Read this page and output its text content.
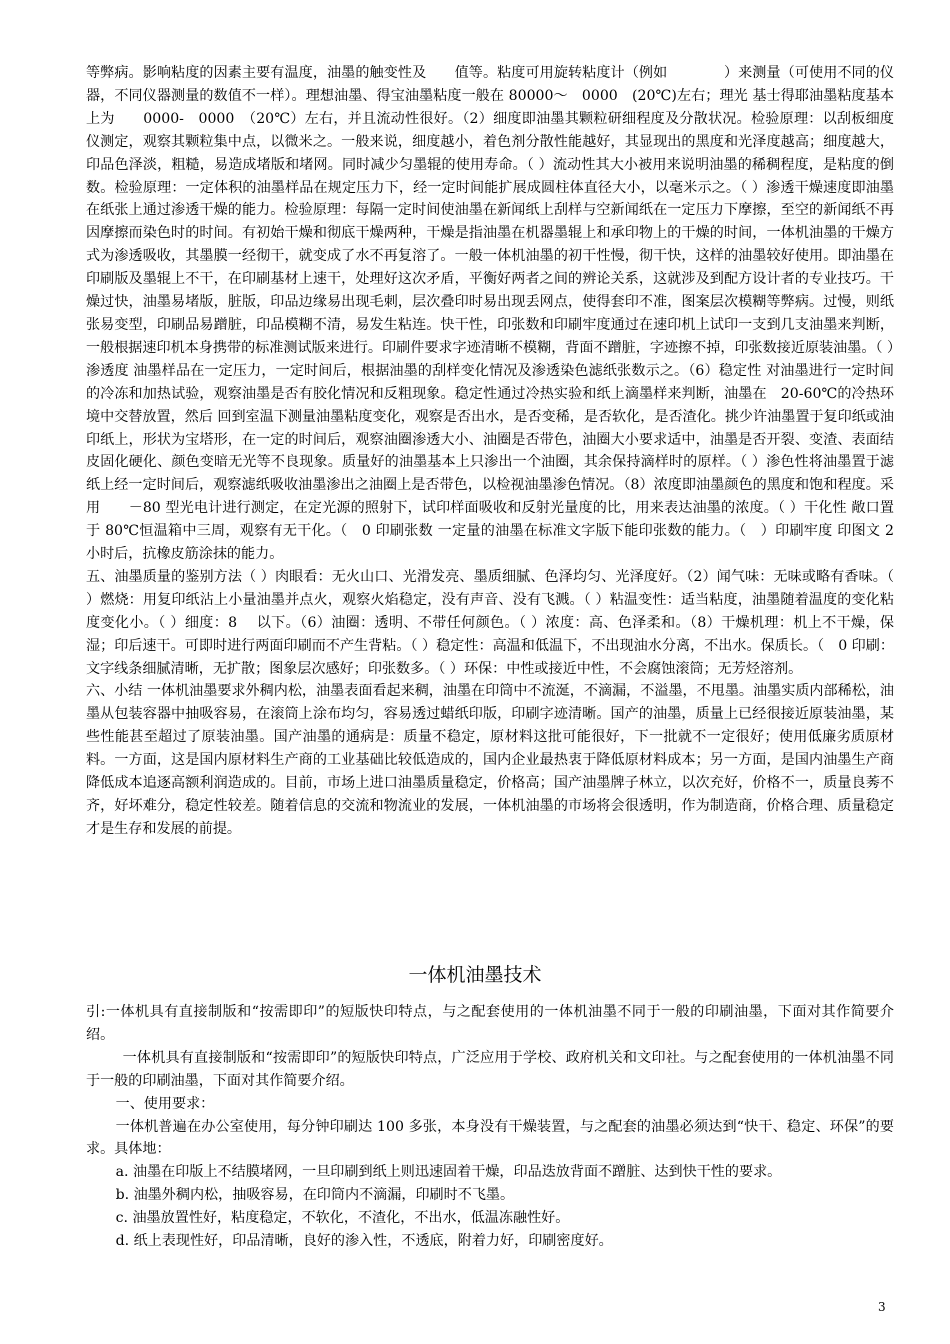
等弊病。影响粘度的因素主要有温度，油墨的触变性及　　值等。粘度可用旋转粘度计（例如　　　　）来测量（可使用不同的仪器，不同仪器测量的数值不一样）。理想油墨、得宝油墨粘度一般在 80000～　0000　(20℃)左右；理光 基士得耶油墨粘度基本上为　　0000-　0000　（20℃）左右，并且流动性很好。（2）细度即油墨其颗粒研细程度及分散状况。检验原理：以刮板细度仪测定，观察其颗粒集中点，以微米之。一般来说，细度越小，着色剂分散性能越好，其显现出的黑度和光泽度越高；细度越大，印品色泽淡，粗糙，易造成堵版和堵网。同时减少匀墨辊的使用寿命。（ ）流动性其大小被用来说明油墨的稀稠程度，是粘度的倒数。检验原理：一定体积的油墨样品在规定压力下，经一定时间能扩展成圆柱体直径大小，以毫米示之。（ ）渗透干燥速度即油墨在纸张上通过渗透干燥的能力。检验原理：每隔一定时间使油墨在新闻纸上刮样与空新闻纸在一定压力下摩擦，至空的新闻纸不再因摩擦而染色时的时间。有初始干燥和彻底干燥两种，干燥是指油墨在机器墨辊上和承印物上的干燥的时间，一体机油墨的干燥方式为渗透吸收，其墨膜一经彻干，就变成了水不再复溶了。一般一体机油墨的初干性慢，彻干快，这样的油墨较好使用。即油墨在印刷版及墨辊上不干，在印刷基材上速干，处理好这次矛盾，平衡好两者之间的辨论关系，这就涉及到配方设计者的专业技巧。干燥过快，油墨易堵版，脏版，印品边缘易出现毛刺，层次叠印时易出现丢网点，使得套印不准，图案层次模糊等弊病。过慢，则纸张易变型，印刷品易蹭脏，印品模糊不清，易发生粘连。快干性，印张数和印刷牢度通过在速印机上试印一支到几支油墨来判断，一般根据速印机本身携带的标准测试版来进行。印刷件要求字迹清晰不模糊，背面不蹭脏，字迹擦不掉，印张数接近原装油墨。（ ）渗透度 油墨样品在一定压力，一定时间后，根据油墨的刮样变化情况及渗透染色滤纸张数示之。（6）稳定性 对油墨进行一定时间的冷冻和加热试验，观察油墨是否有胶化情况和反粗现象。稳定性通过冷热实验和纸上滴墨样来判断，油墨在　20-60℃的冷热环境中交替放置，然后 回到室温下测量油墨粘度变化，观察是否出水，是否变稀，是否软化，是否渣化。挑少许油墨置于复印纸或油印纸上，形状为宝塔形，在一定的时间后，观察油圈渗透大小、油圈是否带色，油圈大小要求适中，油墨是否开裂、变渣、表面结皮固化硬化、颜色变暗无光等不良现象。质量好的油墨基本上只渗出一个油圈，其余保持滴样时的原样。（ ）渗色性将油墨置于滤纸上经一定时间后，观察滤纸吸收油墨渗出之油圈上是否带色，以检视油墨渗色情况。（8）浓度即油墨颜色的黑度和饱和程度。采用　　－80 型光电计进行测定，在定光源的照射下，试印样面吸收和反射光量度的比，用来表达油墨的浓度。（ ）干化性 敞口置于 80℃恒温箱中三周，观察有无干化。（　0 印刷张数 一定量的油墨在标准文字版下能印张数的能力。（　）印刷牢度 印图文 2　小时后，抗橡皮筋涂抹的能力。

五、油墨质量的鉴别方法（ ）肉眼看：无火山口、光滑发亮、墨质细腻、色泽均匀、光泽度好。（2）闻气味：无味或略有香味。（ ）燃烧：用复印纸沾上小量油墨并点火，观察火焰稳定，没有声音、没有飞溅。（ ）粘温变性：适当粘度，油墨随着温度的变化粘度变化小。（ ）细度：8　 以下。（6）油圈：透明、不带任何颜色。（ ）浓度：高、色泽柔和。（8）干燥机理：机上不干燥，保湿；印后速干。可即时进行两面印刷而不产生背粘。（ ）稳定性：高温和低温下，不出现油水分离，不出水。保质长。（　0 印刷：文字线条细腻清晰，无扩散；图象层次感好；印张数多。（ ）环保：中性或接近中性，不会腐蚀滚筒；无芳烃溶剂。

六、小结 一体机油墨要求外稠内松，油墨表面看起来稠，油墨在印筒中不流涎，不滴漏，不溢墨，不甩墨。油墨实质内部稀松，油墨从包装容器中抽吸容易，在滚筒上涂布均匀，容易透过蜡纸印版，印刷字迹清晰。国产的油墨，质量上已经很接近原装油墨，某些性能甚至超过了原装油墨。国产油墨的通病是：质量不稳定，原材料这批可能很好，下一批就不一定很好；使用低廉劣质原材料。一方面，这是国内原材料生产商的工业基础比较低造成的，国内企业最热衷于降低原材料成本；另一方面，是国内油墨生产商降低成本追逐高额利润造成的。目前，市场上进口油墨质量稳定，价格高；国产油墨牌子林立，以次充好，价格不一，质量良莠不齐，好坏难分，稳定性较差。随着信息的交流和物流业的发展，一体机油墨的市场将会很透明，作为制造商，价格合理、质量稳定才是生存和发展的前提。

一体机油墨技术

引:一体机具有直接制版和“按需即印”的短版快印特点，与之配套使用的一体机油墨不同于一般的印刷油墨，下面对其作简要介绍。

一体机具有直接制版和“按需即印”的短版快印特点，广泛应用于学校、政府机关和文印社。与之配套使用的一体机油墨不同于一般的印刷油墨，下面对其作简要介绍。

一、使用要求：

一体机普遍在办公室使用，每分钟印刷达 100 多张，本身没有干燥装置，与之配套的油墨必须达到“快干、稳定、环保”的要求。具体地：

a. 油墨在印版上不结膜堵网，一旦印刷到纸上则迅速固着干燥，印品迭放背面不蹭脏、达到快干性的要求。

b. 油墨外稠内松，抽吸容易，在印筒内不滴漏，印刷时不飞墨。

c. 油墨放置性好，粘度稳定，不软化，不渣化，不出水，低温冻融性好。

d. 纸上表现性好，印品清晰，良好的渗入性，不透底，附着力好，印刷密度好。

3
